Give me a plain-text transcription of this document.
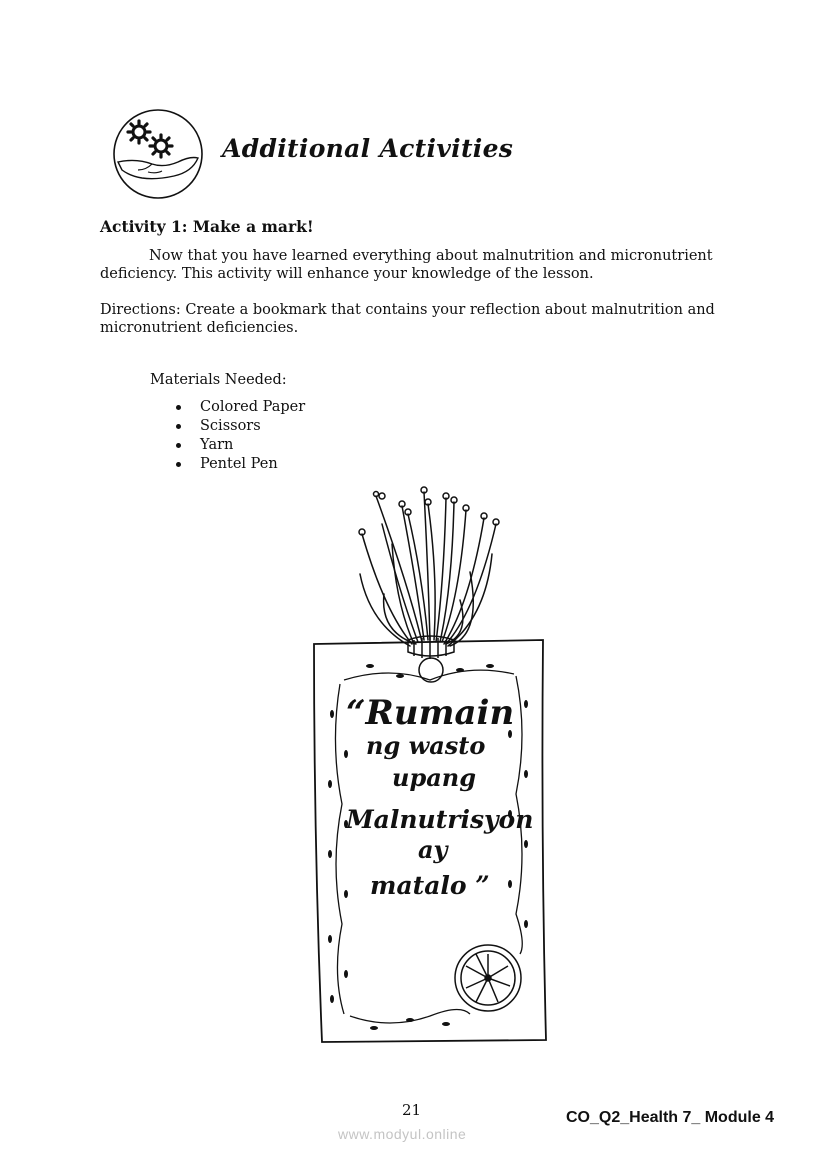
Additional Activities
Activity 1: Make a mark!
Now that you have learned everything about malnutrition and micronutrient deficiency. This activity will enhance your knowledge of the lesson.
Directions: Create a bookmark that contains your reflection about malnutrition and micronutrient deficiencies.
Materials Needed:
Colored Paper
Scissors
Yarn
Pentel Pen
“Rumain
ng wasto
upang
Malnutrisyon
ay
matalo ”
21	CO_Q2_Health 7_ Module 4
www.modyul.online
